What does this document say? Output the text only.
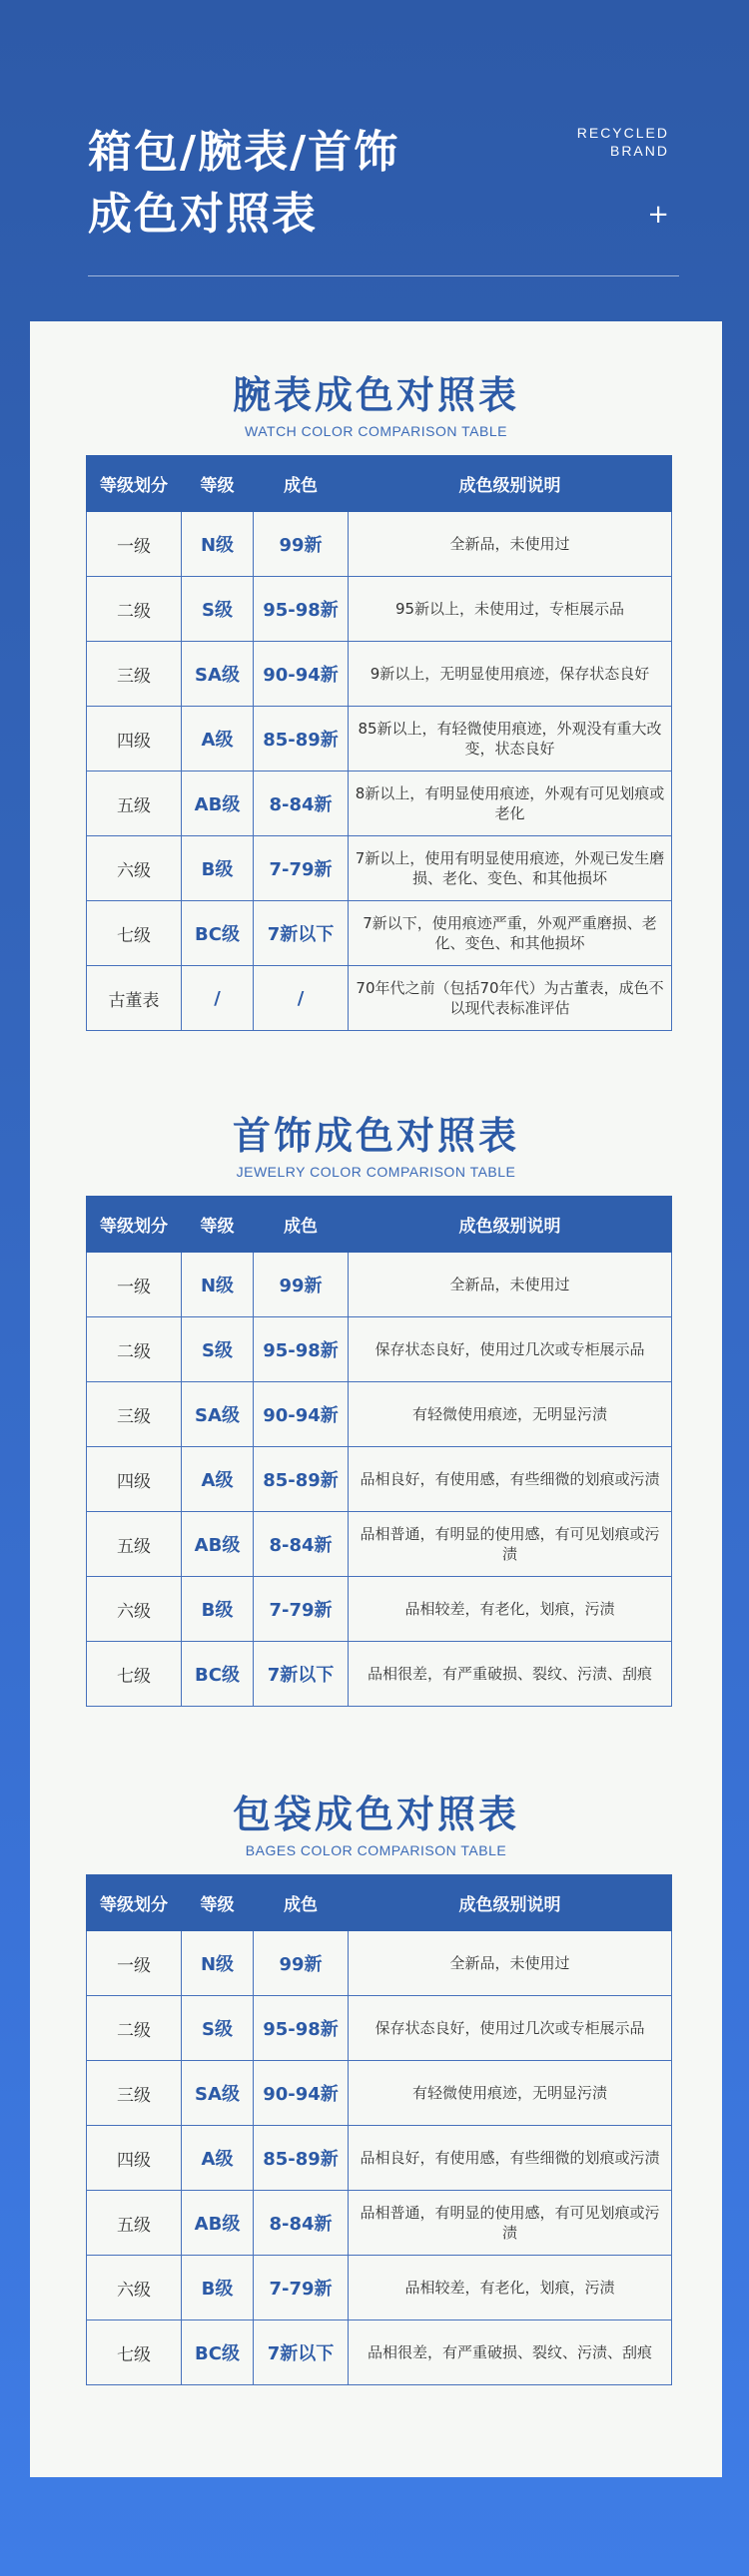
箱包/腕表/首饰
成色对照表
RECYCLED
BRAND
+
腕表成色对照表
WATCH COLOR COMPARISON TABLE
等级划分	等级	成色	成色级别说明
一级	N级	99新	全新品，未使用过
二级	S级	95-98新	95新以上，未使用过，专柜展示品
三级	SA级	90-94新	9新以上，无明显使用痕迹，保存状态良好
四级	A级	85-89新	85新以上，有轻微使用痕迹，外观没有重大改变，状态良好
五级	AB级	8-84新	8新以上，有明显使用痕迹，外观有可见划痕或老化
六级	B级	7-79新	7新以上，使用有明显使用痕迹，外观已发生磨损、老化、变色、和其他损坏
七级	BC级	7新以下	7新以下，使用痕迹严重，外观严重磨损、老化、变色、和其他损坏
古董表	/	/	70年代之前（包括70年代）为古董表，成色不以现代表标准评估
首饰成色对照表
JEWELRY COLOR COMPARISON TABLE
等级划分	等级	成色	成色级别说明
一级	N级	99新	全新品，未使用过
二级	S级	95-98新	保存状态良好，使用过几次或专柜展示品
三级	SA级	90-94新	有轻微使用痕迹，无明显污渍
四级	A级	85-89新	品相良好，有使用感，有些细微的划痕或污渍
五级	AB级	8-84新	品相普通，有明显的使用感，有可见划痕或污渍
六级	B级	7-79新	品相较差，有老化，划痕，污渍
七级	BC级	7新以下	品相很差，有严重破损、裂纹、污渍、刮痕
包袋成色对照表
BAGES COLOR COMPARISON TABLE
等级划分	等级	成色	成色级别说明
一级	N级	99新	全新品，未使用过
二级	S级	95-98新	保存状态良好，使用过几次或专柜展示品
三级	SA级	90-94新	有轻微使用痕迹，无明显污渍
四级	A级	85-89新	品相良好，有使用感，有些细微的划痕或污渍
五级	AB级	8-84新	品相普通，有明显的使用感，有可见划痕或污渍
六级	B级	7-79新	品相较差，有老化，划痕，污渍
七级	BC级	7新以下	品相很差，有严重破损、裂纹、污渍、刮痕
